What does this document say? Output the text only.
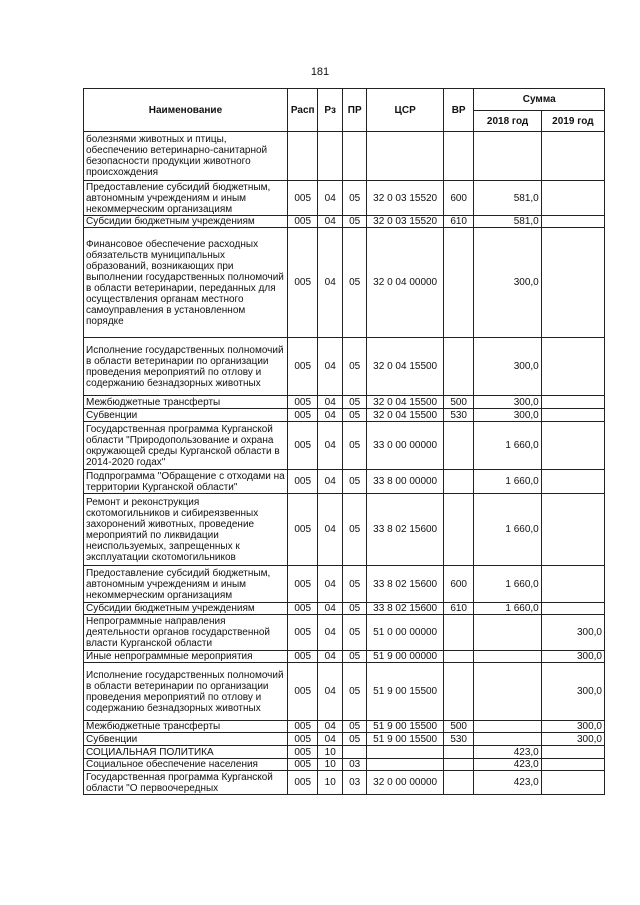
181
Наименование	Расп	Рз	ПР	ЦСР	ВР	Сумма	
						2018 год	2019 год
болезнями животных и птицы, обеспечению ветеринарно-санитарной безопасности продукции животного происхождения							
Предоставление субсидий бюджетным, автономным учреждениям и иным некоммерческим организациям	005	04	05	32 0 03 15520	600	581,0	
Субсидии бюджетным учреждениям	005	04	05	32 0 03 15520	610	581,0	
Финансовое обеспечение расходных обязательств муниципальных образований, возникающих при выполнении государственных полномочий в области ветеринарии, переданных для осуществления органам местного самоуправления в установленном порядке	005	04	05	32 0 04 00000		300,0	
Исполнение государственных полномочий в области ветеринарии по организации проведения мероприятий по отлову и содержанию безнадзорных животных	005	04	05	32 0 04 15500		300,0	
Межбюджетные трансферты	005	04	05	32 0 04 15500	500	300,0	
Субвенции	005	04	05	32 0 04 15500	530	300,0	
Государственная программа Курганской области "Природопользование и охрана окружающей среды Курганской области в 2014-2020 годах"	005	04	05	33 0 00 00000		1 660,0	
Подпрограмма "Обращение с отходами на территории Курганской области"	005	04	05	33 8 00 00000		1 660,0	
Ремонт и реконструкция скотомогильников и сибиреязвенных захоронений животных, проведение мероприятий по ликвидации неиспользуемых, запрещенных к эксплуатации скотомогильников	005	04	05	33 8 02 15600		1 660,0	
Предоставление субсидий бюджетным, автономным учреждениям и иным некоммерческим организациям	005	04	05	33 8 02 15600	600	1 660,0	
Субсидии бюджетным учреждениям	005	04	05	33 8 02 15600	610	1 660,0	
Непрограммные направления деятельности органов государственной власти Курганской области	005	04	05	51 0 00 00000			300,0
Иные непрограммные мероприятия	005	04	05	51 9 00 00000			300,0
Исполнение государственных полномочий в области ветеринарии по организации проведения мероприятий по отлову и содержанию безнадзорных животных	005	04	05	51 9 00 15500			300,0
Межбюджетные трансферты	005	04	05	51 9 00 15500	500		300,0
Субвенции	005	04	05	51 9 00 15500	530		300,0
СОЦИАЛЬНАЯ ПОЛИТИКА	005	10				423,0	
Социальное обеспечение населения	005	10	03			423,0	
Государственная программа Курганской области "О первоочередных	005	10	03	32 0 00 00000		423,0	
